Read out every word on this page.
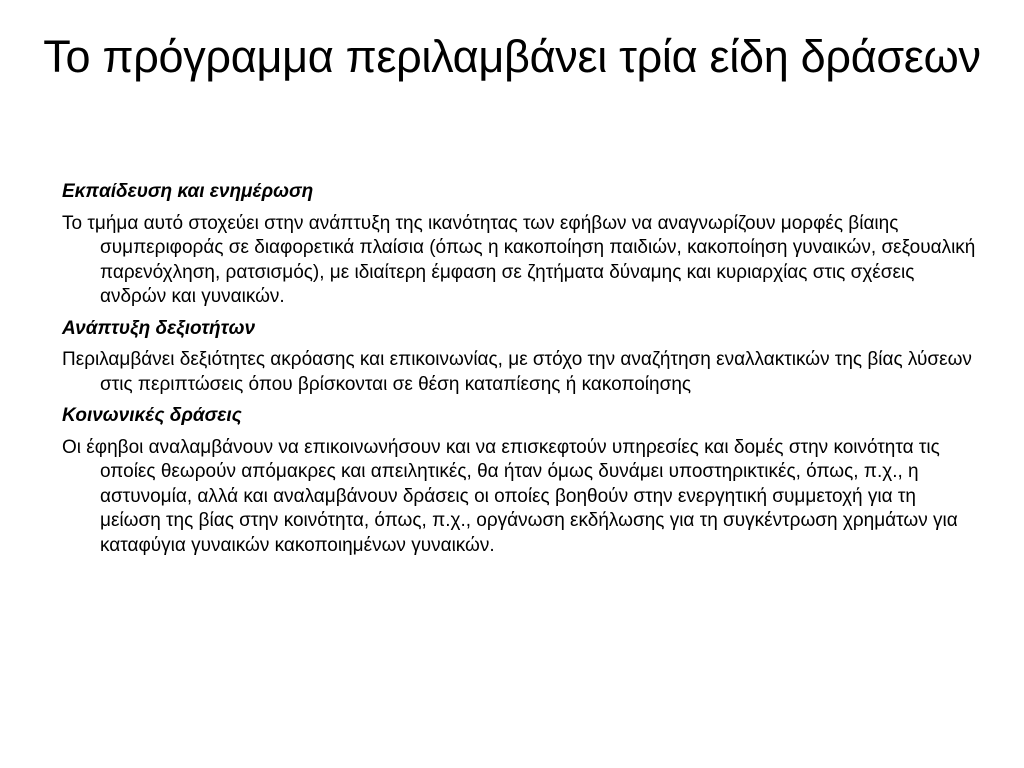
Το πρόγραμμα περιλαμβάνει τρία είδη δράσεων

Εκπαίδευση και ενημέρωση

Το τμήμα αυτό στοχεύει στην ανάπτυξη της ικανότητας των εφήβων να αναγνωρίζουν μορφές βίαιης συμπεριφοράς σε διαφορετικά πλαίσια (όπως η κακοποίηση παιδιών, κακοποίηση γυναικών, σεξουαλική παρενόχληση, ρατσισμός), με ιδιαίτερη έμφαση σε ζητήματα δύναμης και κυριαρχίας στις σχέσεις ανδρών και γυναικών.

Ανάπτυξη δεξιοτήτων

Περιλαμβάνει δεξιότητες ακρόασης και επικοινωνίας, με στόχο την αναζήτηση εναλλακτικών της βίας λύσεων στις περιπτώσεις όπου βρίσκονται σε θέση καταπίεσης ή κακοποίησης

Κοινωνικές δράσεις

Οι έφηβοι αναλαμβάνουν να επικοινωνήσουν και να επισκεφτούν υπηρεσίες και δομές στην κοινότητα τις οποίες θεωρούν απόμακρες και απειλητικές, θα ήταν όμως δυνάμει υποστηρικτικές, όπως, π.χ., η αστυνομία, αλλά και αναλαμβάνουν δράσεις οι οποίες βοηθούν στην ενεργητική συμμετοχή για τη μείωση της βίας στην κοινότητα, όπως, π.χ., οργάνωση εκδήλωσης για τη συγκέντρωση χρημάτων για καταφύγια γυναικών κακοποιημένων γυναικών.
